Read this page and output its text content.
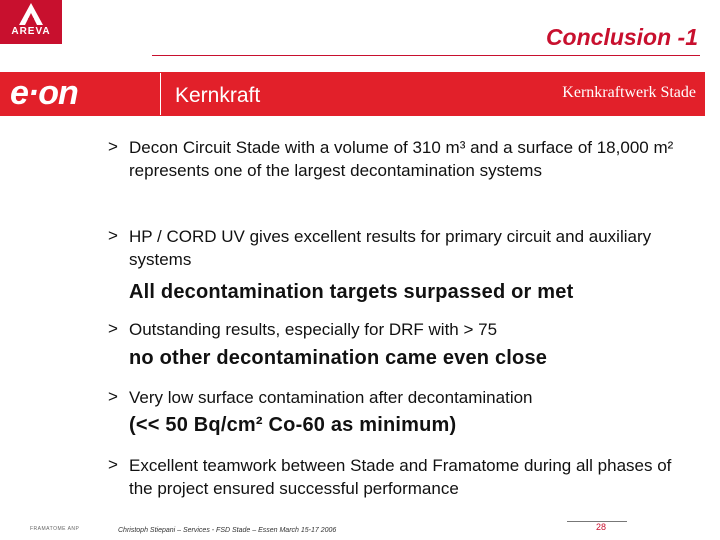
AREVA	Conclusion -1
e·on	Kernkraft	Kernkraftwerk Stade
> Decon Circuit Stade with a volume of 310 m³ and a surface of 18,000 m² represents one of the largest decontamination systems
> HP / CORD UV gives excellent results for primary circuit and auxiliary systems
All decontamination targets surpassed or met
> Outstanding results, especially for DRF with > 75
no other decontamination came even close
> Very low surface contamination after decontamination
(<< 50 Bq/cm² Co-60 as minimum)
> Excellent teamwork between Stade and Framatome during all phases of the project ensured successful performance
FRAMATOME ANP	Christoph Stiepani – Services - FSD Stade – Essen March 15-17 2006	28
